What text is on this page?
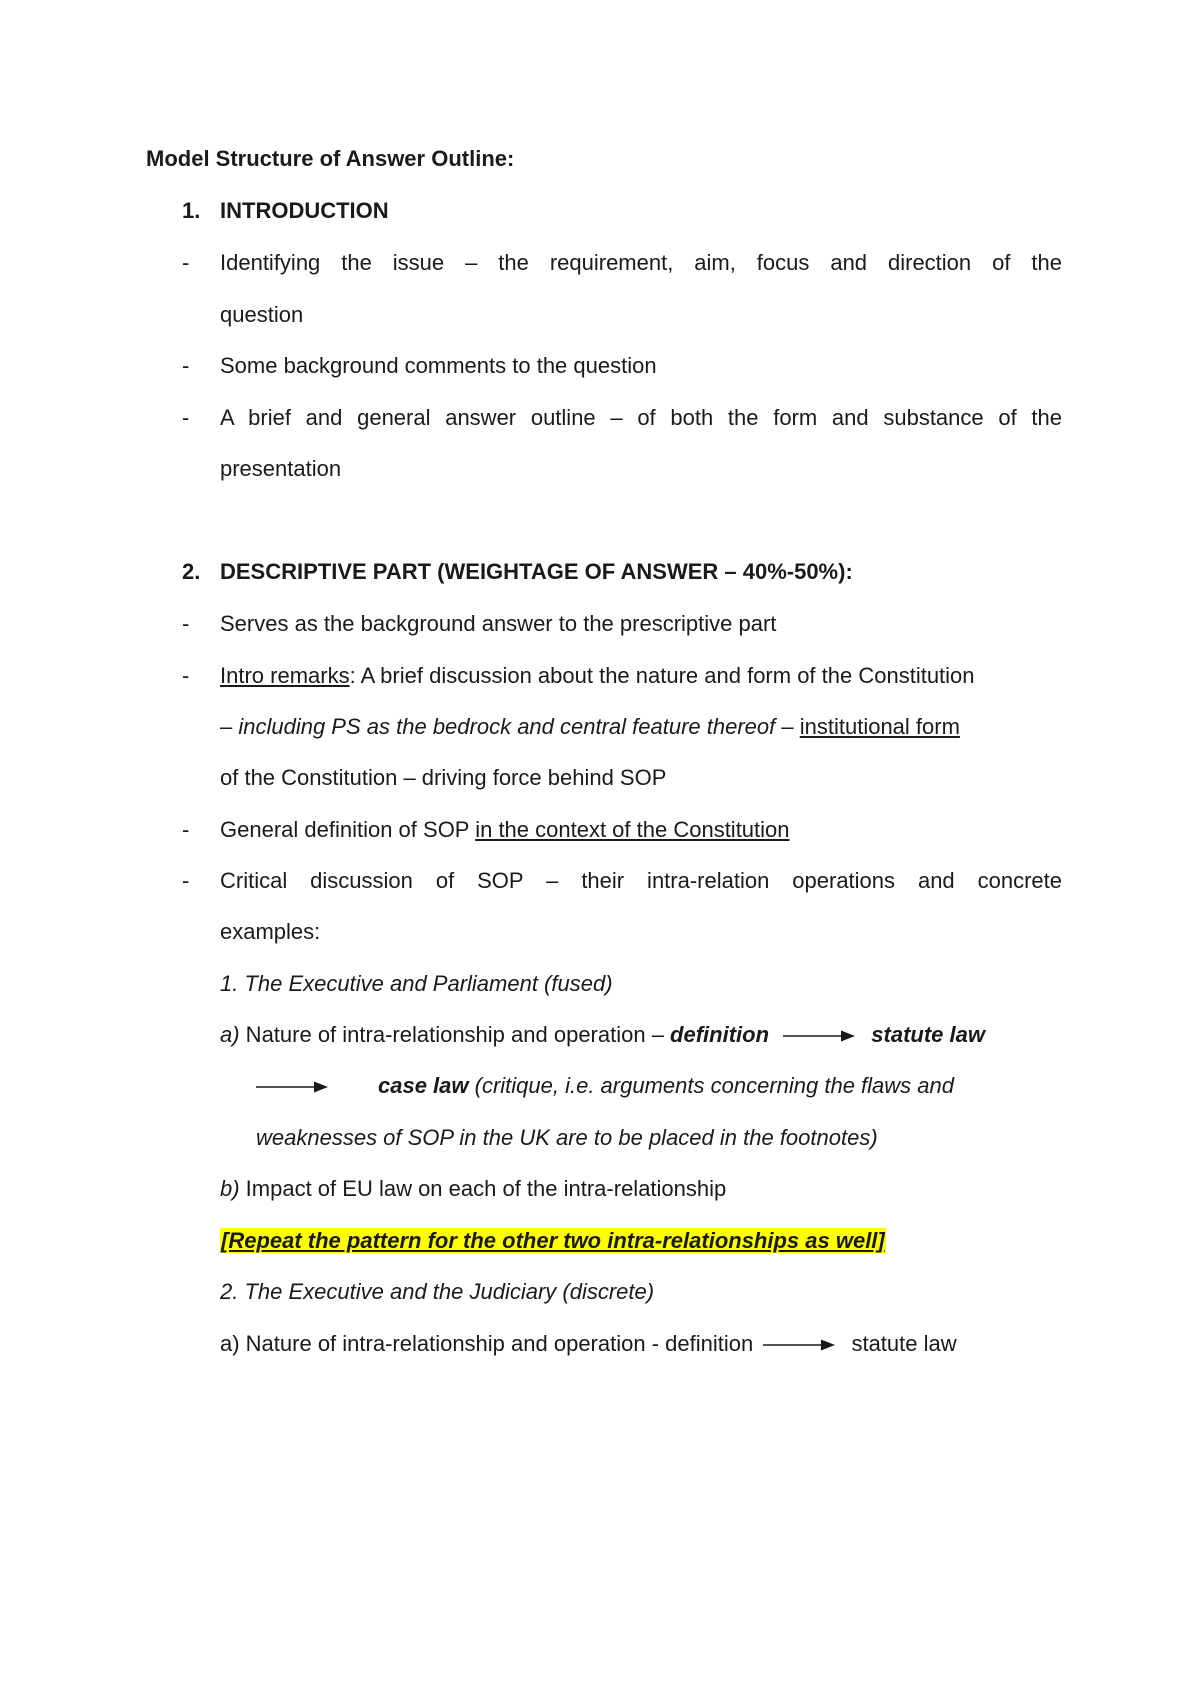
Model Structure of Answer Outline:
1. INTRODUCTION
- Identifying the issue – the requirement, aim, focus and direction of the
question
- Some background comments to the question
- A brief and general answer outline – of both the form and substance of the
presentation
2. DESCRIPTIVE PART (WEIGHTAGE OF ANSWER – 40%-50%):
- Serves as the background answer to the prescriptive part
- Intro remarks: A brief discussion about the nature and form of the Constitution
– including PS as the bedrock and central feature thereof – institutional form
of the Constitution – driving force behind SOP
- General definition of SOP in the context of the Constitution
- Critical discussion of SOP – their intra-relation operations and concrete
examples:
1. The Executive and Parliament (fused)
a) Nature of intra-relationship and operation – definition	statute law
case law (critique, i.e. arguments concerning the flaws and
weaknesses of SOP in the UK are to be placed in the footnotes)
b) Impact of EU law on each of the intra-relationship
[Repeat the pattern for the other two intra-relationships as well]
2. The Executive and the Judiciary (discrete)
a) Nature of intra-relationship and operation - definition	statute law
